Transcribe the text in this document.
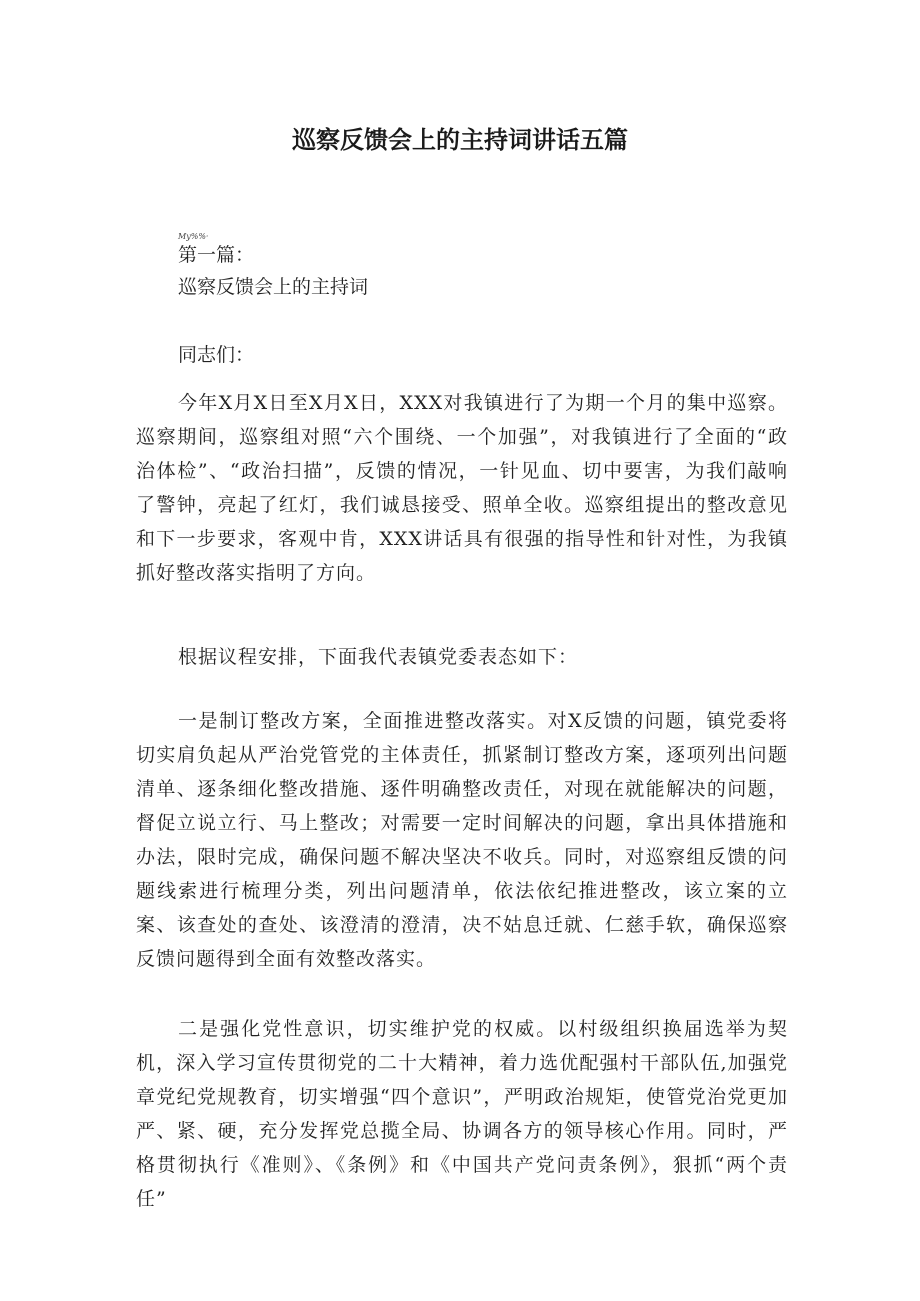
巡察反馈会上的主持词讲话五篇
My%%·
第一篇：
巡察反馈会上的主持词
同志们：

今年X月X日至X月X日，XXX对我镇进行了为期一个月的集中巡察。巡察期间，巡察组对照“六个围绕、一个加强”，对我镇进行了全面的“政治体检”、“政治扫描”，反馈的情况，一针见血、切中要害，为我们敲响了警钟，亮起了红灯，我们诚恳接受、照单全收。巡察组提出的整改意见和下一步要求，客观中肯，XXX讲话具有很强的指导性和针对性，为我镇抓好整改落实指明了方向。

根据议程安排，下面我代表镇党委表态如下：

一是制订整改方案，全面推进整改落实。对X反馈的问题，镇党委将切实肩负起从严治党管党的主体责任，抓紧制订整改方案，逐项列出问题清单、逐条细化整改措施、逐件明确整改责任，对现在就能解决的问题，督促立说立行、马上整改；对需要一定时间解决的问题，拿出具体措施和办法，限时完成，确保问题不解决坚决不收兵。同时，对巡察组反馈的问题线索进行梳理分类，列出问题清单，依法依纪推进整改，该立案的立案、该查处的查处、该澄清的澄清，决不姑息迁就、仁慈手软，确保巡察反馈问题得到全面有效整改落实。

二是强化党性意识，切实维护党的权威。以村级组织换届选举为契机，深入学习宣传贯彻党的二十大精神，着力选优配强村干部队伍,加强党章党纪党规教育，切实增强“四个意识”，严明政治规矩，使管党治党更加严、紧、硬，充分发挥党总揽全局、协调各方的领导核心作用。同时，严格贯彻执行《准则》、《条例》和《中国共产党问责条例》，狠抓“两个责任”
